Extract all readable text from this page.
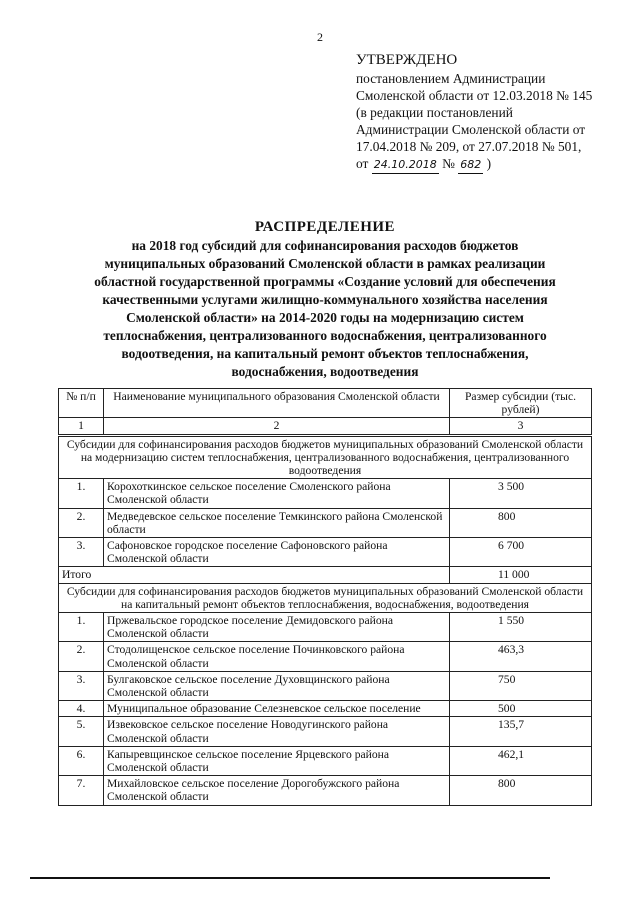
2
УТВЕРЖДЕНО
постановлением Администрации
Смоленской области от 12.03.2018 № 145
(в редакции постановлений
Администрации Смоленской области от
17.04.2018 № 209, от 27.07.2018 № 501,
от 24.10.2018 № 682 )
РАСПРЕДЕЛЕНИЕ
на 2018 год субсидий для софинансирования расходов бюджетов
муниципальных образований Смоленской области в рамках реализации
областной государственной программы «Создание условий для обеспечения
качественными услугами жилищно-коммунального хозяйства населения
Смоленской области» на 2014-2020 годы на модернизацию систем
теплоснабжения, централизованного водоснабжения, централизованного
водоотведения, на капитальный ремонт объектов теплоснабжения,
водоснабжения, водоотведения
№ п/п	Наименование муниципального образования Смоленской области	Размер субсидии (тыс. рублей)
1	2	3
Субсидии для софинансирования расходов бюджетов муниципальных образований Смоленской области на модернизацию систем теплоснабжения, централизованного водоснабжения, централизованного водоотведения		
1.	Корохоткинское сельское поселение Смоленского района Смоленской области	3 500
2.	Медведевское сельское поселение Темкинского района Смоленской области	800
3.	Сафоновское городское поселение Сафоновского района Смоленской области	6 700
Итого		11 000
Субсидии для софинансирования расходов бюджетов муниципальных образований Смоленской области на капитальный ремонт объектов теплоснабжения, водоснабжения, водоотведения		
1.	Пржевальское городское поселение Демидовского района Смоленской области	1 550
2.	Стодолищенское сельское поселение Починковского района Смоленской области	463,3
3.	Булгаковское сельское поселение Духовщинского района Смоленской области	750
4.	Муниципальное образование Селезневское сельское поселение	500
5.	Извековское сельское поселение Новодугинского района Смоленской области	135,7
6.	Капыревщинское сельское поселение Ярцевского района Смоленской области	462,1
7.	Михайловское сельское поселение Дорогобужского района Смоленской области	800
